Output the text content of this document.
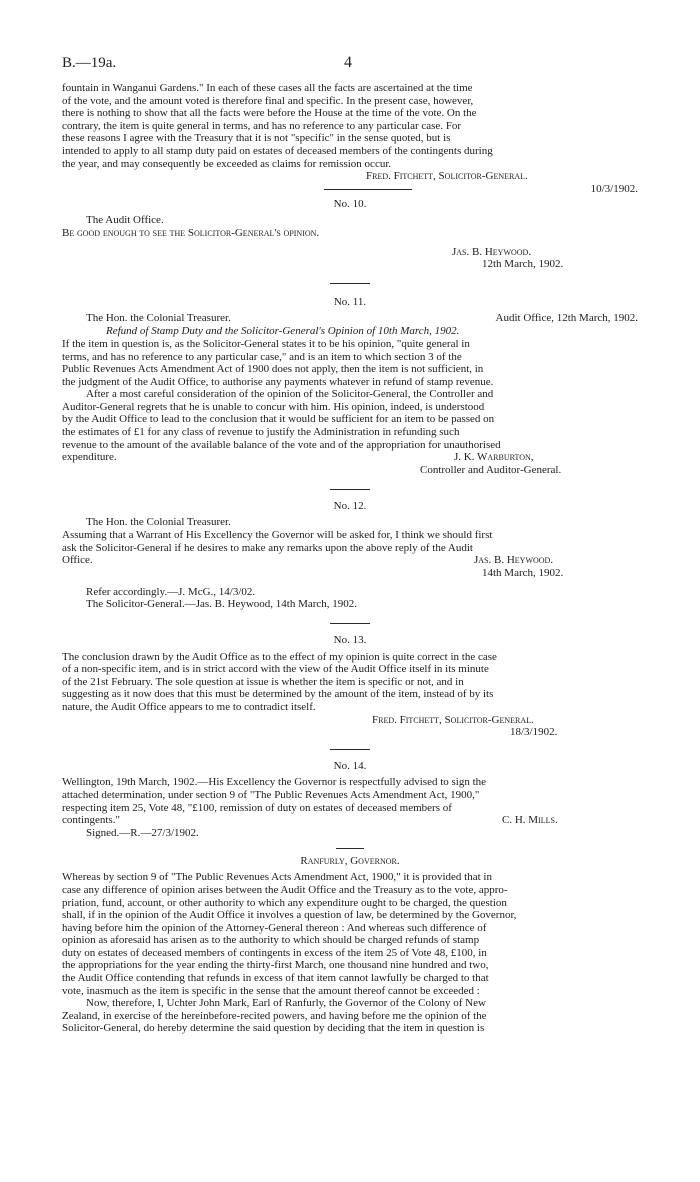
B.—19a.	4

fountain in Wanganui Gardens." In each of these cases all the facts are ascertained at the time

of the vote, and the amount voted is therefore final and specific. In the present case, however,

there is nothing to show that all the facts were before the House at the time of the vote. On the

contrary, the item is quite general in terms, and has no reference to any particular case. For

these reasons I agree with the Treasury that it is not "specific" in the sense quoted, but is

intended to apply to all stamp duty paid on estates of deceased members of the contingents during

the year, and may consequently be exceeded as claims for remission occur.

Fred. Fitchett, Solicitor-General.

10/3/1902.

No. 10.

The Audit Office.

Be good enough to see the Solicitor-General's opinion.

Jas. B. Heywood.

12th March, 1902.

No. 11.

The Hon. the Colonial Treasurer.	Audit Office, 12th March, 1902.

Refund of Stamp Duty and the Solicitor-General's Opinion of 10th March, 1902.

If the item in question is, as the Solicitor-General states it to be his opinion, "quite general in

terms, and has no reference to any particular case," and is an item to which section 3 of the

Public Revenues Acts Amendment Act of 1900 does not apply, then the item is not sufficient, in

the judgment of the Audit Office, to authorise any payments whatever in refund of stamp revenue.

After a most careful consideration of the opinion of the Solicitor-General, the Controller and

Auditor-General regrets that he is unable to concur with him. His opinion, indeed, is understood

by the Audit Office to lead to the conclusion that it would be sufficient for an item to be passed on

the estimates of £1 for any class of revenue to justify the Administration in refunding such

revenue to the amount of the available balance of the vote and of the appropriation for unauthorised

expenditure.	J. K. Warburton,

Controller and Auditor-General.

No. 12.

The Hon. the Colonial Treasurer.

Assuming that a Warrant of His Excellency the Governor will be asked for, I think we should first

ask the Solicitor-General if he desires to make any remarks upon the above reply of the Audit

Office.	Jas. B. Heywood.

14th March, 1902.

Refer accordingly.—J. McG., 14/3/02.

The Solicitor-General.—Jas. B. Heywood, 14th March, 1902.

No. 13.

The conclusion drawn by the Audit Office as to the effect of my opinion is quite correct in the case

of a non-specific item, and is in strict accord with the view of the Audit Office itself in its minute

of the 21st February. The sole question at issue is whether the item is specific or not, and in

suggesting as it now does that this must be determined by the amount of the item, instead of by its

nature, the Audit Office appears to me to contradict itself.

Fred. Fitchett, Solicitor-General.

18/3/1902.

No. 14.

Wellington, 19th March, 1902.—His Excellency the Governor is respectfully advised to sign the

attached determination, under section 9 of "The Public Revenues Acts Amendment Act, 1900,"

respecting item 25, Vote 48, "£100, remission of duty on estates of deceased members of

contingents."	C. H. Mills.

Signed.—R.—27/3/1902.

Ranfurly, Governor.

Whereas by section 9 of "The Public Revenues Acts Amendment Act, 1900," it is provided that in

case any difference of opinion arises between the Audit Office and the Treasury as to the vote, appro-

priation, fund, account, or other authority to which any expenditure ought to be charged, the question

shall, if in the opinion of the Audit Office it involves a question of law, be determined by the Governor,

having before him the opinion of the Attorney-General thereon : And whereas such difference of

opinion as aforesaid has arisen as to the authority to which should be charged refunds of stamp

duty on estates of deceased members of contingents in excess of the item 25 of Vote 48, £100, in

the appropriations for the year ending the thirty-first March, one thousand nine hundred and two,

the Audit Office contending that refunds in excess of that item cannot lawfully be charged to that

vote, inasmuch as the item is specific in the sense that the amount thereof cannot be exceeded :

Now, therefore, I, Uchter John Mark, Earl of Ranfurly, the Governor of the Colony of New

Zealand, in exercise of the hereinbefore-recited powers, and having before me the opinion of the

Solicitor-General, do hereby determine the said question by deciding that the item in question is
